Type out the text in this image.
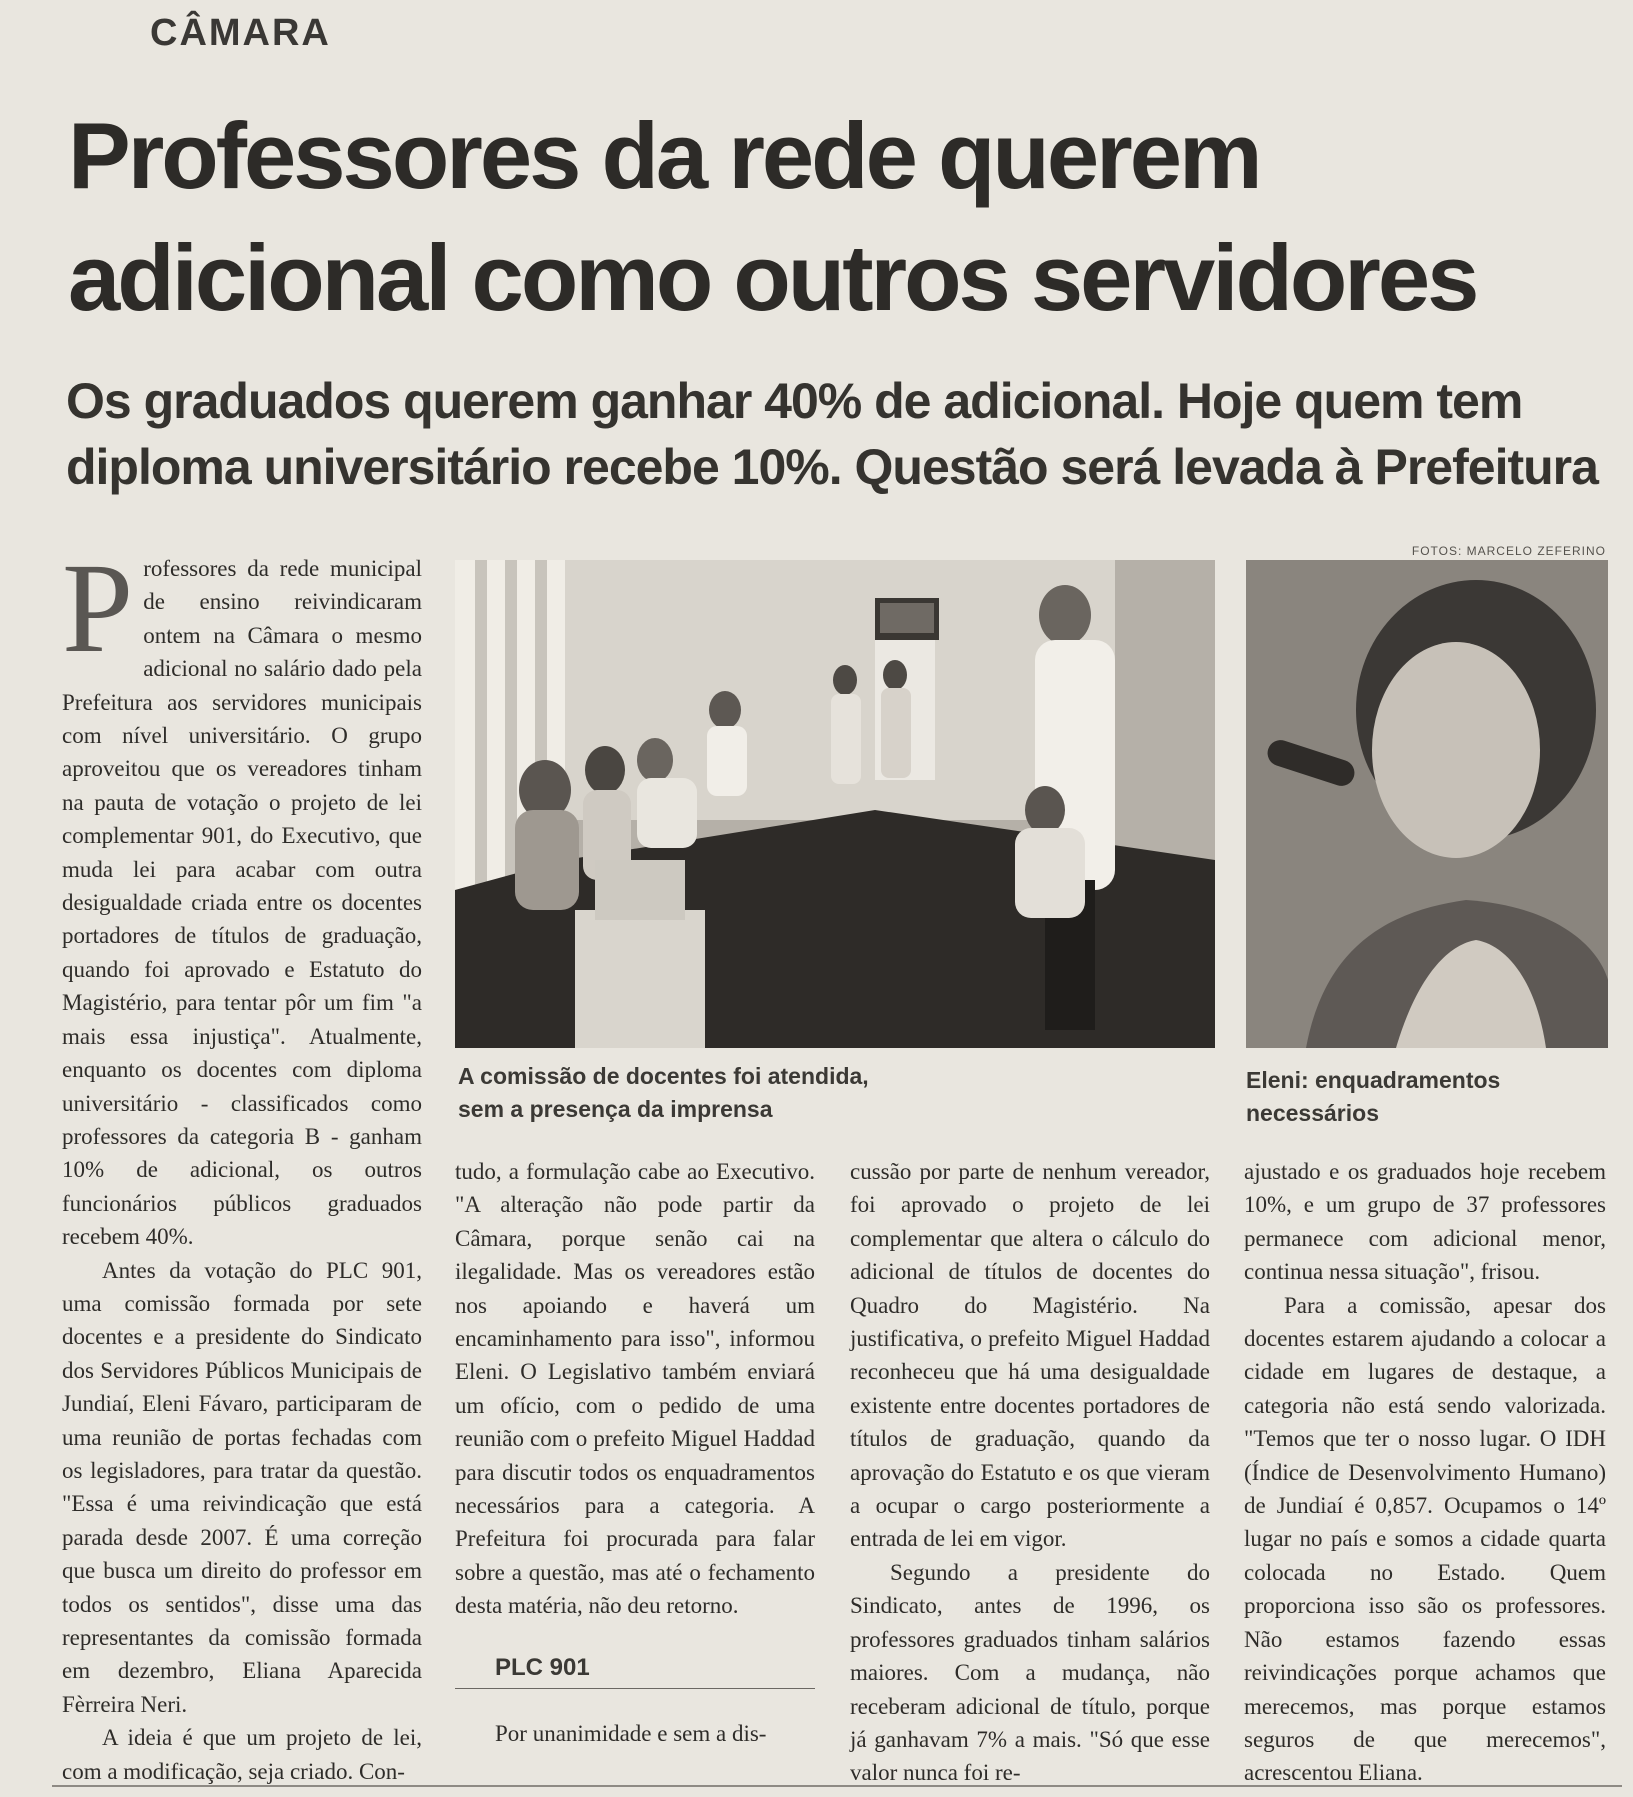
CÂMARA
Professores da rede querem
adicional como outros servidores
Os graduados querem ganhar 40% de adicional. Hoje quem tem
diploma universitário recebe 10%. Questão será levada à Prefeitura
FOTOS: MARCELO ZEFERINO
P rofessores da rede municipal de ensino reivindicaram ontem na Câmara o mesmo adicional no salário dado pela Prefeitura aos servidores municipais com nível universitário. O grupo aproveitou que os vereadores tinham na pauta de votação o projeto de lei complementar 901, do Executivo, que muda lei para acabar com outra desigualdade criada entre os docentes portadores de títulos de graduação, quando foi aprovado e Estatuto do Magistério, para tentar pôr um fim "a mais essa injustiça". Atualmente, enquanto os docentes com diploma universitário - classificados como professores da categoria B - ganham 10% de adicional, os outros funcionários públicos graduados recebem 40%.

Antes da votação do PLC 901, uma comissão formada por sete docentes e a presidente do Sindicato dos Servidores Públicos Municipais de Jundiaí, Eleni Fávaro, participaram de uma reunião de portas fechadas com os legisladores, para tratar da questão. "Essa é uma reivindicação que está parada desde 2007. É uma correção que busca um direito do professor em todos os sentidos", disse uma das representantes da comissão formada em dezembro, Eliana Aparecida Fèrreira Neri.

A ideia é que um projeto de lei, com a modificação, seja criado. Con-

A comissão de docentes foi atendida, sem a presença da imprensa

Eleni: enquadramentos necessários

tudo, a formulação cabe ao Executivo. "A alteração não pode partir da Câmara, porque senão cai na ilegalidade. Mas os vereadores estão nos apoiando e haverá um encaminhamento para isso", informou Eleni. O Legislativo também enviará um ofício, com o pedido de uma reunião com o prefeito Miguel Haddad para discutir todos os enquadramentos necessários para a categoria. A Prefeitura foi procurada para falar sobre a questão, mas até o fechamento desta matéria, não deu retorno.

PLC 901

Por unanimidade e sem a dis-

cussão por parte de nenhum vereador, foi aprovado o projeto de lei complementar que altera o cálculo do adicional de títulos de docentes do Quadro do Magistério. Na justificativa, o prefeito Miguel Haddad reconheceu que há uma desigualdade existente entre docentes portadores de títulos de graduação, quando da aprovação do Estatuto e os que vieram a ocupar o cargo posteriormente a entrada de lei em vigor.

Segundo a presidente do Sindicato, antes de 1996, os professores graduados tinham salários maiores. Com a mudança, não receberam adicional de título, porque já ganhavam 7% a mais. "Só que esse valor nunca foi re-

ajustado e os graduados hoje recebem 10%, e um grupo de 37 professores permanece com adicional menor, continua nessa situação", frisou.

Para a comissão, apesar dos docentes estarem ajudando a colocar a cidade em lugares de destaque, a categoria não está sendo valorizada. "Temos que ter o nosso lugar. O IDH (Índice de Desenvolvimento Humano) de Jundiaí é 0,857. Ocupamos o 14º lugar no país e somos a cidade quarta colocada no Estado. Quem proporciona isso são os professores. Não estamos fazendo essas reivindicações porque achamos que merecemos, mas porque estamos seguros de que merecemos", acrescentou Eliana.
